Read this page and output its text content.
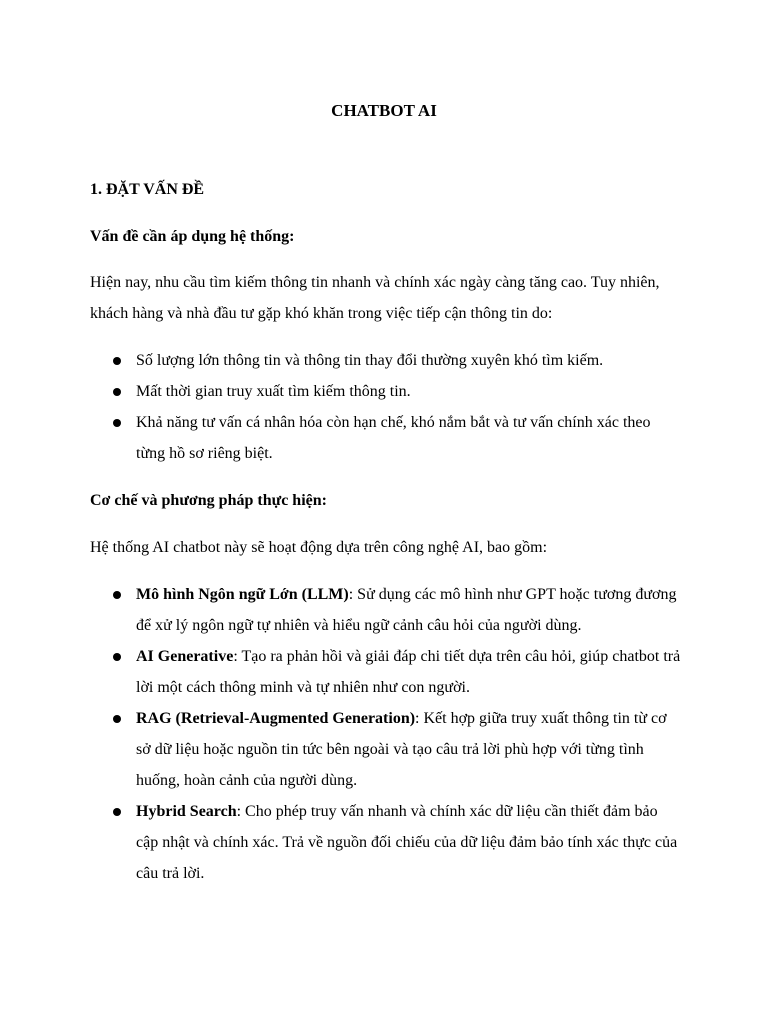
CHATBOT AI
1. ĐẶT VẤN ĐỀ
Vấn đề cần áp dụng hệ thống:
Hiện nay, nhu cầu tìm kiếm thông tin nhanh và chính xác ngày càng tăng cao. Tuy nhiên, khách hàng và nhà đầu tư gặp khó khăn trong việc tiếp cận thông tin do:
Số lượng lớn thông tin và thông tin thay đổi thường xuyên khó tìm kiếm.
Mất thời gian truy xuất tìm kiếm thông tin.
Khả năng tư vấn cá nhân hóa còn hạn chế, khó nắm bắt và tư vấn chính xác theo từng hồ sơ riêng biệt.
Cơ chế và phương pháp thực hiện:
Hệ thống AI chatbot này sẽ hoạt động dựa trên công nghệ AI, bao gồm:
Mô hình Ngôn ngữ Lớn (LLM): Sử dụng các mô hình như GPT hoặc tương đương để xử lý ngôn ngữ tự nhiên và hiểu ngữ cảnh câu hỏi của người dùng.
AI Generative: Tạo ra phản hồi và giải đáp chi tiết dựa trên câu hỏi, giúp chatbot trả lời một cách thông minh và tự nhiên như con người.
RAG (Retrieval-Augmented Generation): Kết hợp giữa truy xuất thông tin từ cơ sở dữ liệu hoặc nguồn tin tức bên ngoài và tạo câu trả lời phù hợp với từng tình huống, hoàn cảnh của người dùng.
Hybrid Search: Cho phép truy vấn nhanh và chính xác dữ liệu cần thiết đảm bảo cập nhật và chính xác. Trả về nguồn đối chiếu của dữ liệu đảm bảo tính xác thực của câu trả lời.
